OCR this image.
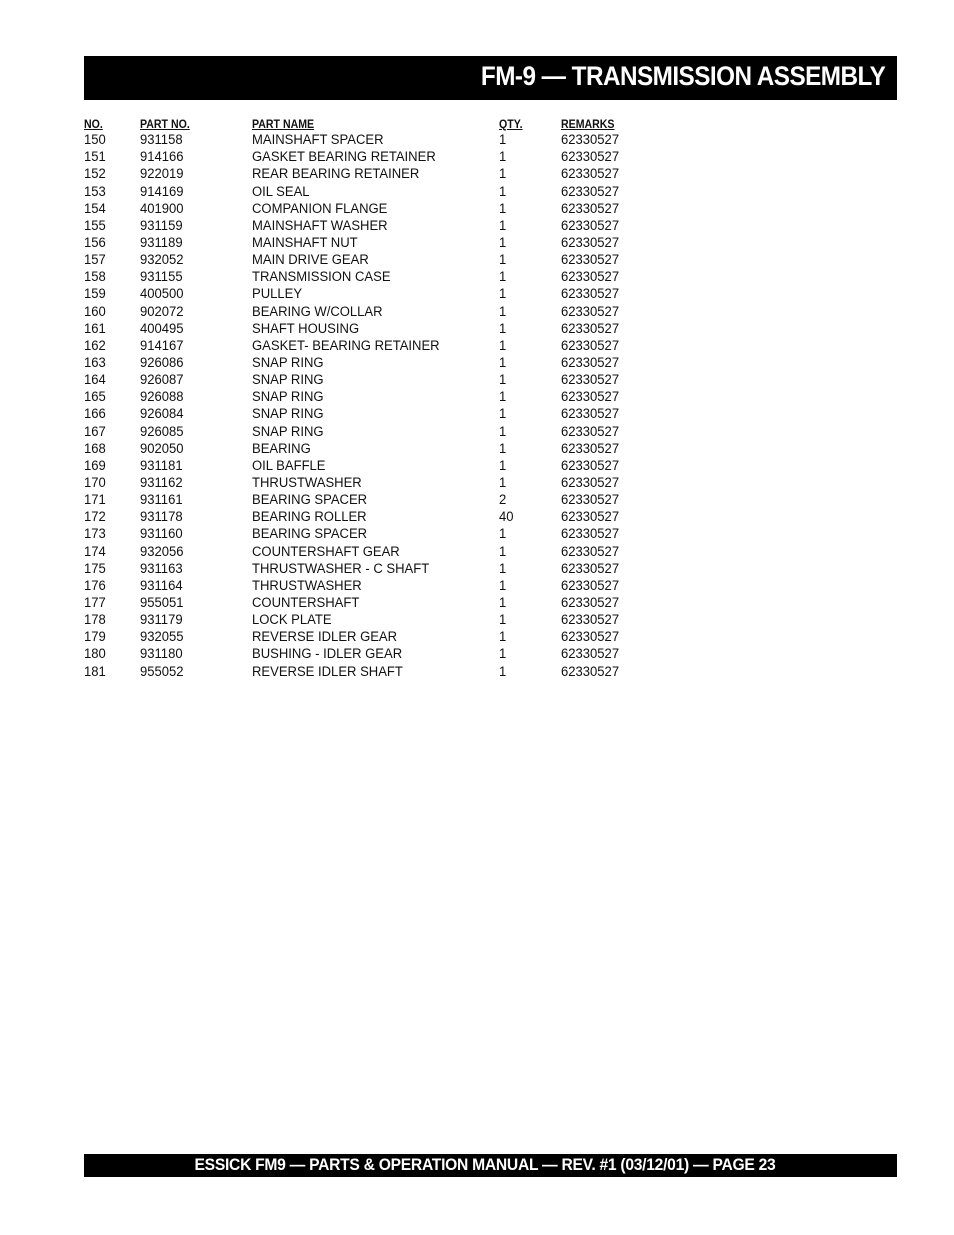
FM-9 — TRANSMISSION ASSEMBLY
NO.	PART NO.	PART NAME	QTY.	REMARKS
150 931158	MAINSHAFT SPACER	1	62330527
151 914166	GASKET BEARING RETAINER	1	62330527
152 922019	REAR BEARING RETAINER	1	62330527
153 914169	OIL SEAL	1	62330527
154 401900	COMPANION FLANGE	1	62330527
155 931159	MAINSHAFT WASHER	1	62330527
156 931189	MAINSHAFT NUT	1	62330527
157 932052	MAIN DRIVE GEAR	1	62330527
158 931155	TRANSMISSION CASE	1	62330527
159 400500	PULLEY	1	62330527
160 902072	BEARING W/COLLAR	1	62330527
161 400495	SHAFT HOUSING	1	62330527
162 914167	GASKET- BEARING RETAINER	1	62330527
163 926086	SNAP RING	1	62330527
164 926087	SNAP RING	1	62330527
165 926088	SNAP RING	1	62330527
166 926084	SNAP RING	1	62330527
167 926085	SNAP RING	1	62330527
168 902050	BEARING	1	62330527
169 931181	OIL BAFFLE	1	62330527
170 931162	THRUSTWASHER	1	62330527
171 931161	BEARING SPACER	2	62330527
172 931178	BEARING ROLLER	40	62330527
173 931160	BEARING SPACER	1	62330527
174 932056	COUNTERSHAFT GEAR	1	62330527
175 931163	THRUSTWASHER - C SHAFT	1	62330527
176 931164	THRUSTWASHER	1	62330527
177 955051	COUNTERSHAFT	1	62330527
178 931179	LOCK PLATE	1	62330527
179 932055	REVERSE IDLER GEAR	1	62330527
180 931180	BUSHING - IDLER GEAR	1	62330527
181 955052	REVERSE IDLER SHAFT	1	62330527
ESSICK FM9 — PARTS & OPERATION MANUAL — REV. #1 (03/12/01) — PAGE 23
